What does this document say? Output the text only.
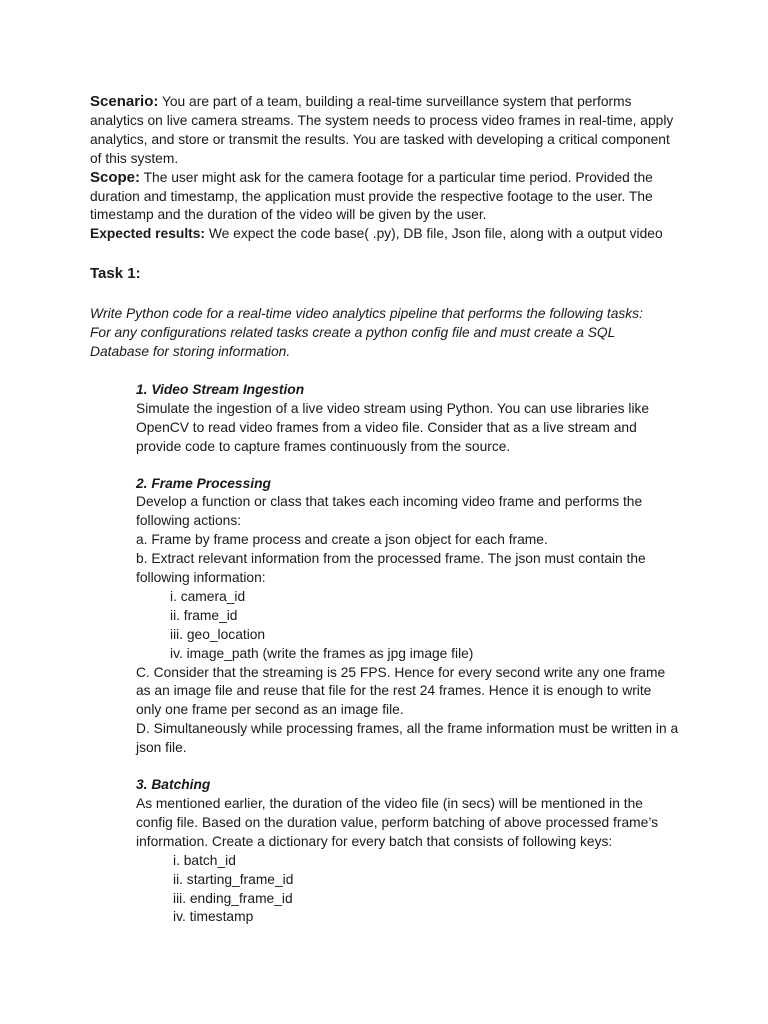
Scenario: You are part of a team, building a real-time surveillance system that performs
analytics on live camera streams. The system needs to process video frames in real-time, apply
analytics, and store or transmit the results. You are tasked with developing a critical component
of this system.

Scope: The user might ask for the camera footage for a particular time period. Provided the
duration and timestamp, the application must provide the respective footage to the user. The
timestamp and the duration of the video will be given by the user.

Expected results: We expect the code base( .py), DB file, Json file, along with a output video

Task 1:

Write Python code for a real-time video analytics pipeline that performs the following tasks:
For any configurations related tasks create a python config file and must create a SQL
Database for storing information.

1. Video Stream Ingestion

Simulate the ingestion of a live video stream using Python. You can use libraries like
OpenCV to read video frames from a video file. Consider that as a live stream and
provide code to capture frames continuously from the source.

2. Frame Processing

Develop a function or class that takes each incoming video frame and performs the
following actions:
a. Frame by frame process and create a json object for each frame.
b. Extract relevant information from the processed frame. The json must contain the
following information:

i. camera_id
ii. frame_id
iii. geo_location
iv. image_path (write the frames as jpg image file)

C. Consider that the streaming is 25 FPS. Hence for every second write any one frame
as an image file and reuse that file for the rest 24 frames. Hence it is enough to write
only one frame per second as an image file.
D. Simultaneously while processing frames, all the frame information must be written in a
json file.

3. Batching

As mentioned earlier, the duration of the video file (in secs) will be mentioned in the
config file. Based on the duration value, perform batching of above processed frame’s
information. Create a dictionary for every batch that consists of following keys:

i. batch_id
ii. starting_frame_id
iii. ending_frame_id
iv. timestamp
